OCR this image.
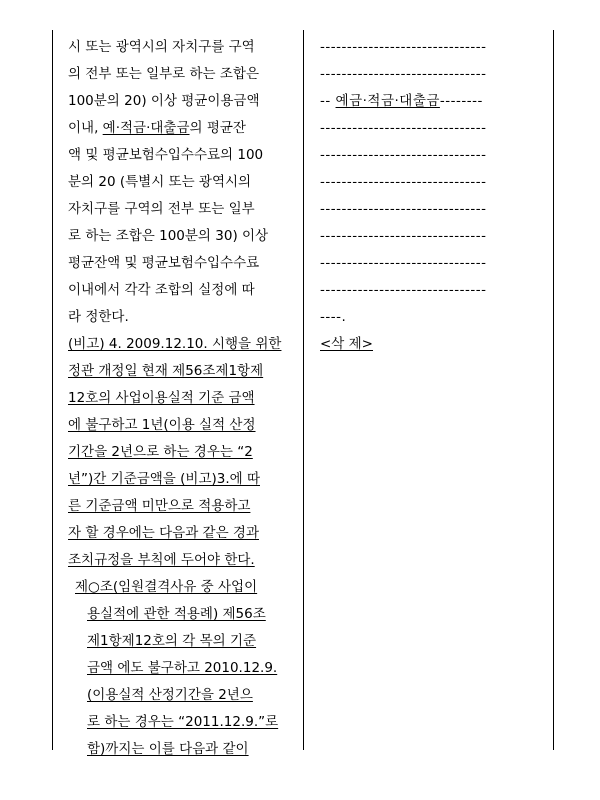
시 또는 광역시의 자치구를 구역
의 전부 또는 일부로 하는 조합은
100분의 20) 이상 평균이용금액
이내, 예·적금·대출금의 평균잔
액 및 평균보험수입수수료의 100
분의 20 (특별시 또는 광역시의
자치구를 구역의 전부 또는 일부
로 하는 조합은 100분의 30) 이상
평균잔액 및 평균보험수입수수료
이내에서 각각 조합의 실정에 따
라 정한다.
(비고) 4. 2009.12.10. 시행을 위한
정관 개정일 현재 제56조제1항제
12호의 사업이용실적 기준 금액
에 불구하고 1년(이용 실적 산정
기간을 2년으로 하는 경우는 “2
년”)간 기준금액을 (비고)3.에 따
른 기준금액 미만으로 적용하고
자 할 경우에는 다음과 같은 경과
조치규정을 부칙에 두어야 한다.
제○조(임원결격사유 중 사업이
용실적에 관한 적용례) 제56조
제1항제12호의 각 목의 기준
금액 에도 불구하고 2010.12.9.
(이용실적 산정기간을 2년으
로 하는 경우는 “2011.12.9.”로
함)까지는 이를 다음과 같이
-------------------------------
-------------------------------
-- 예금·적금·대출금--------
-------------------------------
-------------------------------
-------------------------------
-------------------------------
-------------------------------
-------------------------------
-------------------------------
----.
<삭 제>
